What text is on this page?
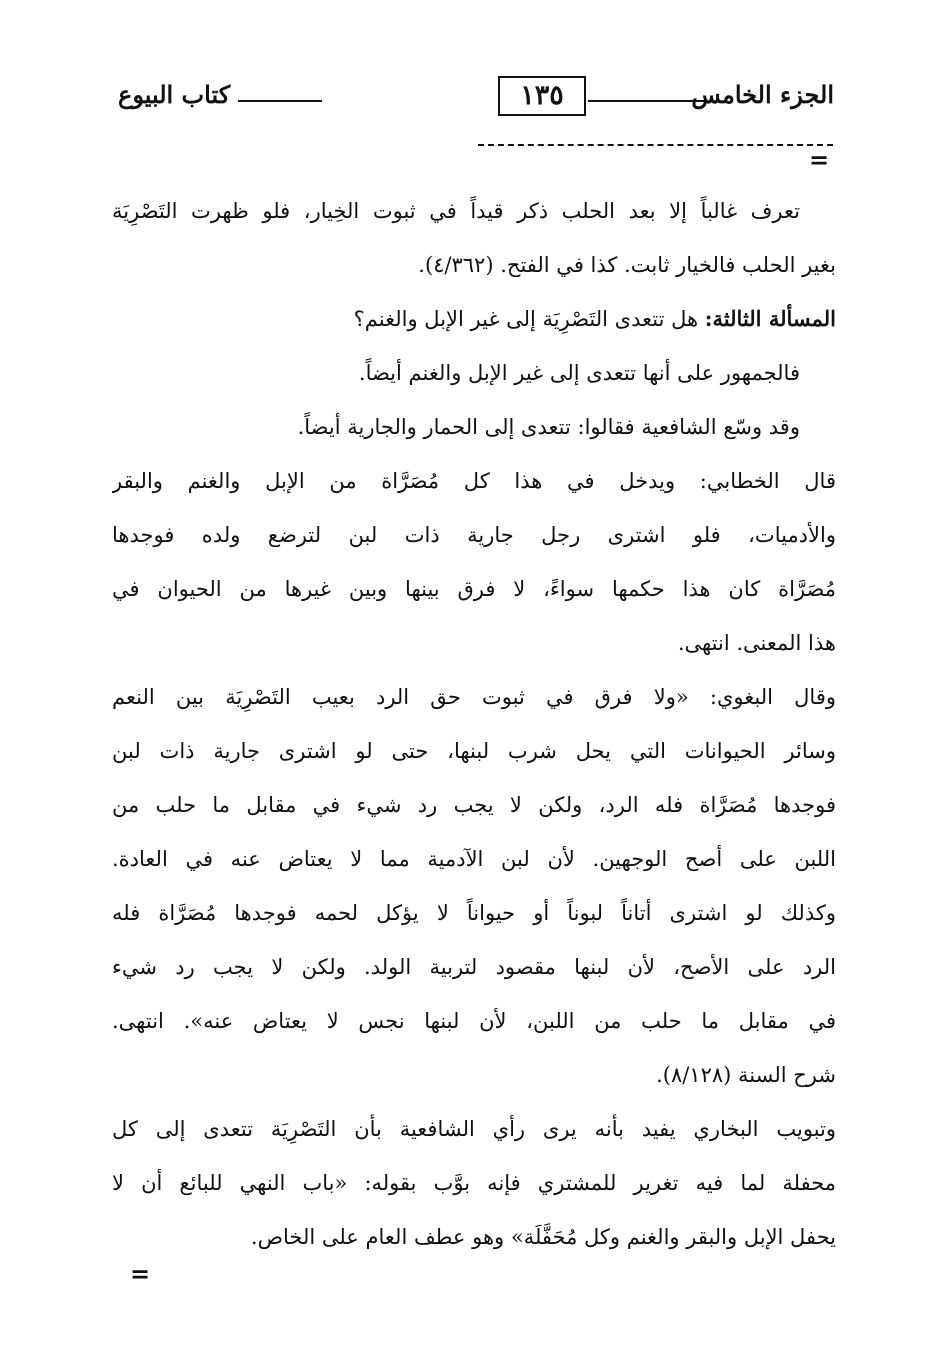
الجزء الخامس
١٣٥
كتاب البيوع
=
تعرف غالباً إلا بعد الحلب ذكر قيداً في ثبوت الخِيار، فلو ظهرت التَصْرِيَة
بغير الحلب فالخيار ثابت. كذا في الفتح. (٤/٣٦٢).
المسألة الثالثة: هل تتعدى التَصْرِيَة إلى غير الإبل والغنم؟
فالجمهور على أنها تتعدى إلى غير الإبل والغنم أيضاً.
وقد وسّع الشافعية فقالوا: تتعدى إلى الحمار والجارية أيضاً.
قال الخطابي: ويدخل في هذا كل مُصَرَّاة من الإبل والغنم والبقر
والأدميات، فلو اشترى رجل جارية ذات لبن لترضع ولده فوجدها
مُصَرَّاة كان هذا حكمها سواءً، لا فرق بينها وبين غيرها من الحيوان في
هذا المعنى. انتهى.
وقال البغوي: «ولا فرق في ثبوت حق الرد بعيب التَصْرِيَة بين النعم
وسائر الحيوانات التي يحل شرب لبنها، حتى لو اشترى جارية ذات لبن
فوجدها مُصَرَّاة فله الرد، ولكن لا يجب رد شيء في مقابل ما حلب من
اللبن على أصح الوجهين. لأن لبن الآدمية مما لا يعتاض عنه في العادة.
وكذلك لو اشترى أتاناً لبوناً أو حيواناً لا يؤكل لحمه فوجدها مُصَرَّاة فله
الرد على الأصح، لأن لبنها مقصود لتربية الولد. ولكن لا يجب رد شيء
في مقابل ما حلب من اللبن، لأن لبنها نجس لا يعتاض عنه». انتهى.
شرح السنة (٨/١٢٨).
وتبويب البخاري يفيد بأنه يرى رأي الشافعية بأن التَصْرِيَة تتعدى إلى كل
محفلة لما فيه تغرير للمشتري فإنه بوَّب بقوله: «باب النهي للبائع أن لا
يحفل الإبل والبقر والغنم وكل مُحَفَّلَة» وهو عطف العام على الخاص.
=
